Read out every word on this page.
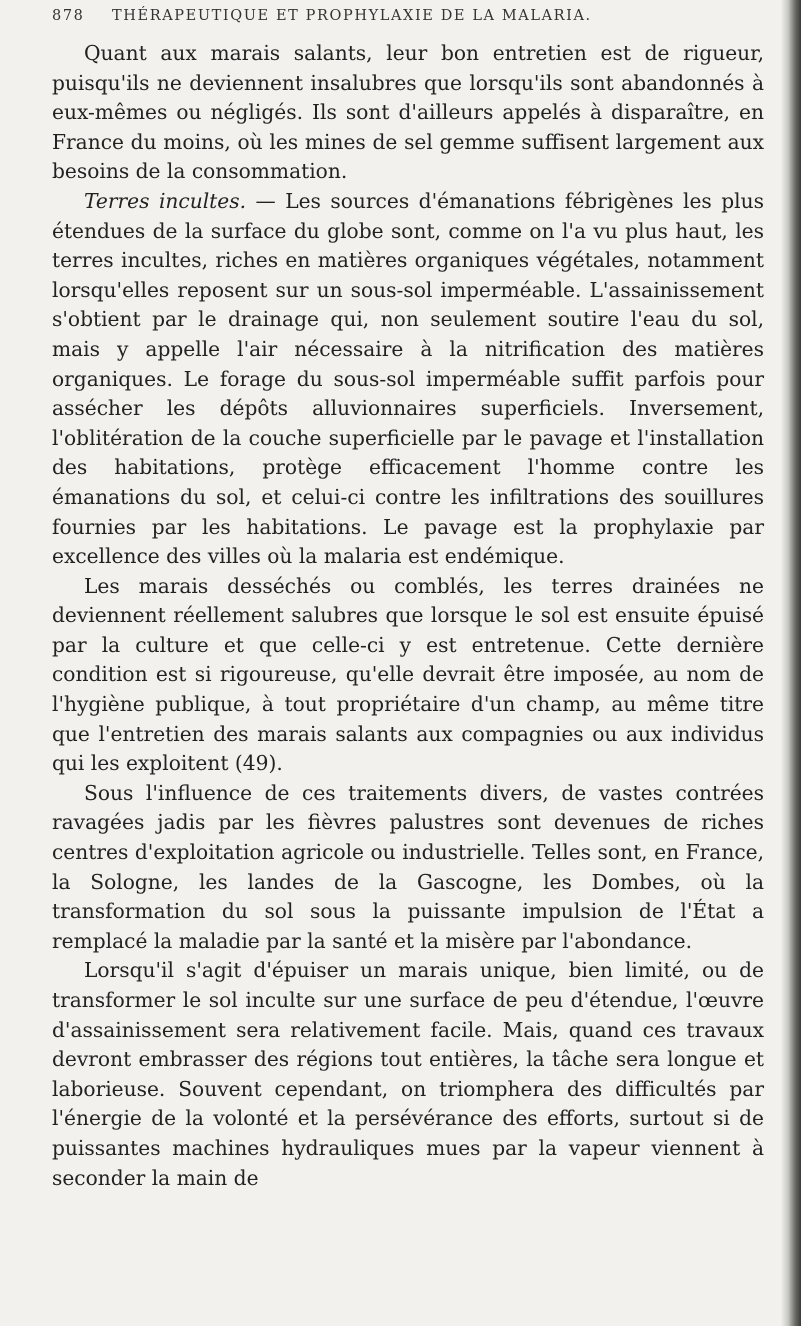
878 THÉRAPEUTIQUE ET PROPHYLAXIE DE LA MALARIA.

Quant aux marais salants, leur bon entretien est de rigueur, puisqu'ils ne deviennent insalubres que lorsqu'ils sont abandonnés à eux-mêmes ou négligés. Ils sont d'ailleurs appelés à disparaître, en France du moins, où les mines de sel gemme suffisent largement aux besoins de la consommation.

Terres incultes. — Les sources d'émanations fébrigènes les plus étendues de la surface du globe sont, comme on l'a vu plus haut, les terres incultes, riches en matières organiques végétales, notamment lorsqu'elles reposent sur un sous-sol imperméable. L'assainissement s'obtient par le drainage qui, non seulement soutire l'eau du sol, mais y appelle l'air nécessaire à la nitrification des matières organiques. Le forage du sous-sol imperméable suffit parfois pour assécher les dépôts alluvionnaires superficiels. Inversement, l'oblitération de la couche superficielle par le pavage et l'installation des habitations, protège efficacement l'homme contre les émanations du sol, et celui-ci contre les infiltrations des souillures fournies par les habitations. Le pavage est la prophylaxie par excellence des villes où la malaria est endémique.

Les marais desséchés ou comblés, les terres drainées ne deviennent réellement salubres que lorsque le sol est ensuite épuisé par la culture et que celle-ci y est entretenue. Cette dernière condition est si rigoureuse, qu'elle devrait être imposée, au nom de l'hygiène publique, à tout propriétaire d'un champ, au même titre que l'entretien des marais salants aux compagnies ou aux individus qui les exploitent (49).

Sous l'influence de ces traitements divers, de vastes contrées ravagées jadis par les fièvres palustres sont devenues de riches centres d'exploitation agricole ou industrielle. Telles sont, en France, la Sologne, les landes de la Gascogne, les Dombes, où la transformation du sol sous la puissante impulsion de l'État a remplacé la maladie par la santé et la misère par l'abondance.

Lorsqu'il s'agit d'épuiser un marais unique, bien limité, ou de transformer le sol inculte sur une surface de peu d'étendue, l'œuvre d'assainissement sera relativement facile. Mais, quand ces travaux devront embrasser des régions tout entières, la tâche sera longue et laborieuse. Souvent cependant, on triomphera des difficultés par l'énergie de la volonté et la persévérance des efforts, surtout si de puissantes machines hydrauliques mues par la vapeur viennent à seconder la main de
